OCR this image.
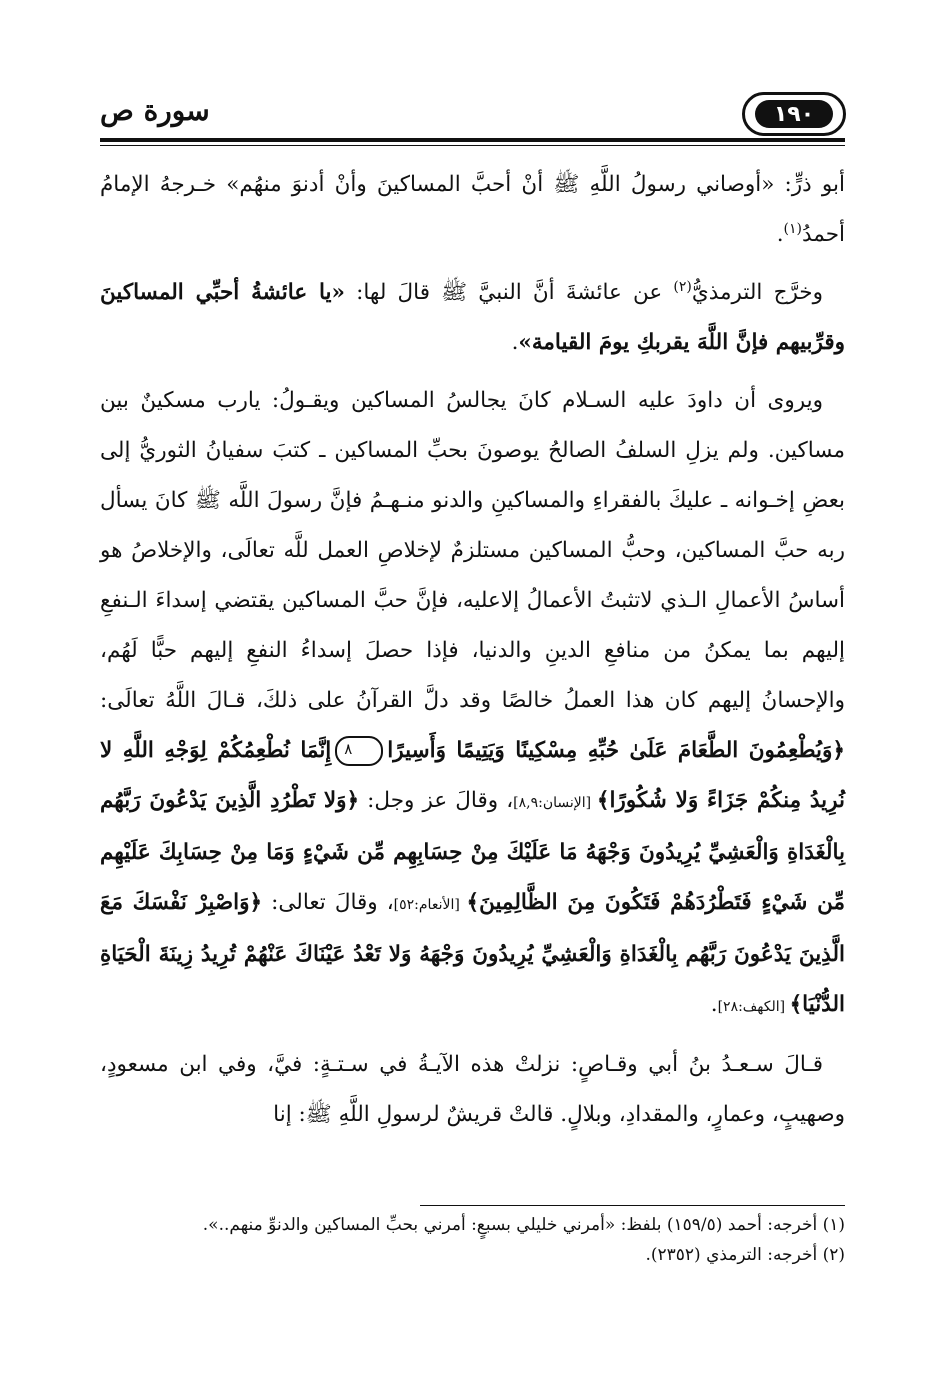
١٩٠
سورة ص

أبو ذرٍّ: «أوصاني رسولُ اللَّهِ ﷺ أنْ أحبَّ المساكينَ وأنْ أدنوَ منهُم» خـرجهُ الإمامُ أحمدُ$^{(١)}$.

وخرَّج الترمذيُّ$^{(٢)}$ عن عائشةَ أنَّ النبيَّ ﷺ قالَ لها: «يا عائشةُ أحبِّي المساكينَ وقرِّبيهم فإنَّ اللَّهَ يقربكِ يومَ القيامة».

ويروى أن داودَ عليه السـلام كانَ يجالسُ المساكين ويقـولُ: يارب مسكينٌ بين مساكين. ولم يزلِ السلفُ الصالحُ يوصونَ بحبِّ المساكين ـ كتبَ سفيانُ الثوريُّ إلى بعضِ إخـوانه ـ عليكَ بالفقراءِ والمساكينِ والدنو منـهـمُ فإنَّ رسولَ اللَّه ﷺ كانَ يسأل ربه حبَّ المساكين، وحبُّ المساكين مستلزمٌ لإخلاصِ العمل للَّه تعالَى، والإخلاصُ هو أساسُ الأعمالِ الـذي لاتثبتُ الأعمالُ إلاعليه، فإنَّ حبَّ المساكين يقتضي إسداءَ الـنفعِ إليهم بما يمكنُ من منافعِ الدينِ والدنيا، فإذا حصلَ إسداءُ النفعِ إليهم حبًّا لَهُم، والإحسانُ إليهم كان هذا العملُ خالصًا وقد دلَّ القرآنُ على ذلكَ، قـالَ اللَّهُ تعالَى: ﴿وَيُطْعِمُونَ الطَّعَامَ عَلَىٰ حُبِّهِ مِسْكِينًا وَيَتِيمًا وَأَسِيرًا٨إِنَّمَا نُطْعِمُكُمْ لِوَجْهِ اللَّهِ لا نُرِيدُ مِنكُمْ جَزَاءً وَلا شُكُورًا﴾ [الإنسان:٨,٩]، وقالَ عز وجل: ﴿وَلا تَطْرُدِ الَّذِينَ يَدْعُونَ رَبَّهُم بِالْغَدَاةِ وَالْعَشِيِّ يُرِيدُونَ وَجْهَهُ مَا عَلَيْكَ مِنْ حِسَابِهِم مِّن شَيْءٍ وَمَا مِنْ حِسَابِكَ عَلَيْهِم مِّن شَيْءٍ فَتَطْرُدَهُمْ فَتَكُونَ مِنَ الظَّالِمِينَ﴾ [الأنعام:٥٢]، وقالَ تعالى: ﴿وَاصْبِرْ نَفْسَكَ مَعَ الَّذِينَ يَدْعُونَ رَبَّهُم بِالْغَدَاةِ وَالْعَشِيِّ يُرِيدُونَ وَجْهَهُ وَلا تَعْدُ عَيْنَاكَ عَنْهُمْ تُرِيدُ زِينَةَ الْحَيَاةِ الدُّنْيَا﴾ [الكهف:٢٨].

قـالَ سـعـدُ بنُ أبي وقـاصٍ: نزلتْ هذه الآيـةُ في سـتـةٍ: فيَّ، وفي ابن مسعودٍ، وصهيبٍ، وعمارٍ، والمقدادِ، وبلالٍ. قالتْ قريشٌ لرسولِ اللَّهِ ﷺ: إنا

(١) أخرجه: أحمد (١٥٩/٥) بلفظ: «أمرني خليلي بسبعٍ: أمرني بحبِّ المساكين والدنوِّ منهم..».

(٢) أخرجه: الترمذي (٢٣٥٢).
